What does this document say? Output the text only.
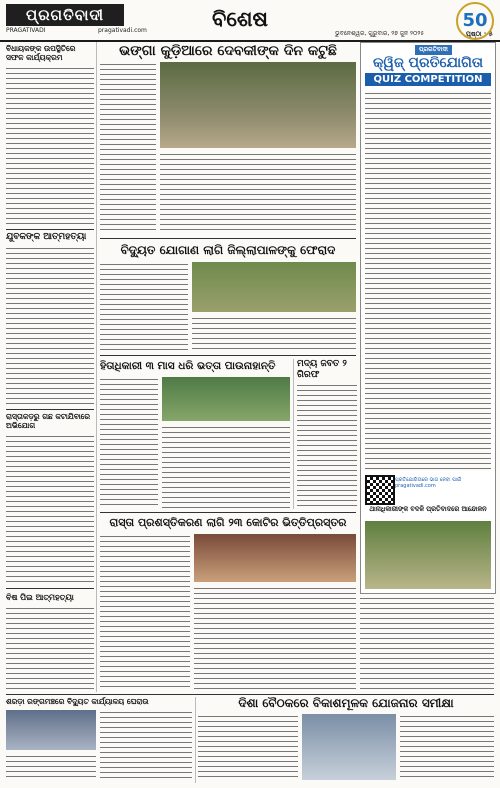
ପ୍ରଗତିବାଦୀ
PRAGATIVADI	pragativadi.com	ବିଶେଷ
ଭୁବନେଶ୍ୱର, ଗୁରୁବାର, ୨୭ ଜୁନ ୨୦୨୫	ପୃଷ୍ଠା : ୫
50
ବିଧାୟକଙ୍କ ଉପସ୍ଥିତିରେ ସଫଳ କାର୍ଯ୍ୟକ୍ରମ
ଯୁବକଙ୍କ ଆତ୍ମହତ୍ୟା
ରାସ୍ତାକଡ଼ରୁ ଗଛ କଟାଯିବାରେ ଅଭିଯୋଗ
ବିଷ ପିଇ ଆତ୍ମହତ୍ୟା
ଭଙ୍ଗା କୁଡ଼ିଆରେ ଦେବକୀଙ୍କ ଦିନ କଟୁଛି
ବିଦ୍ୟୁତ ଯୋଗାଣ ଲାଗି ଜିଲ୍ଲାପାଳଙ୍କୁ ଫେରାଦ
ହିତାଧିକାରୀ ୩ ମାସ ଧରି ଭତ୍ତା ପାଉନାହାନ୍ତି	ମଦ୍ୟ ଜବତ ୨ ଗିରଫ
ପ୍ରଗତିବାଦୀ
କ୍ୱିଜ୍ ପ୍ରତିଯୋଗିତା
QUIZ COMPETITION
ପ୍ରତିଯୋଗିତାରେ ଭାଗ ନେବା ପାଇଁ pragativadi.com
ଥାନାଧିକାରୀଙ୍କ ବଦଳି ପ୍ରତିବାଦରେ ଆନ୍ଦୋଳନ
ରାସ୍ତା ପ୍ରଶସ୍ତିକରଣ ଲାଗି ୨୩ କୋଟିର ଭିତ୍ତିପ୍ରସ୍ତର
ଶରଡ଼ା ରଙ୍ଗମଞ୍ଚରେ ବିଦ୍ୟୁତ କାର୍ଯ୍ୟାଳୟ ଘେରାଉ	ଦିଶା ବୈଠକରେ ବିକାଶମୂଳକ ଯୋଜନାର ସମୀକ୍ଷା
